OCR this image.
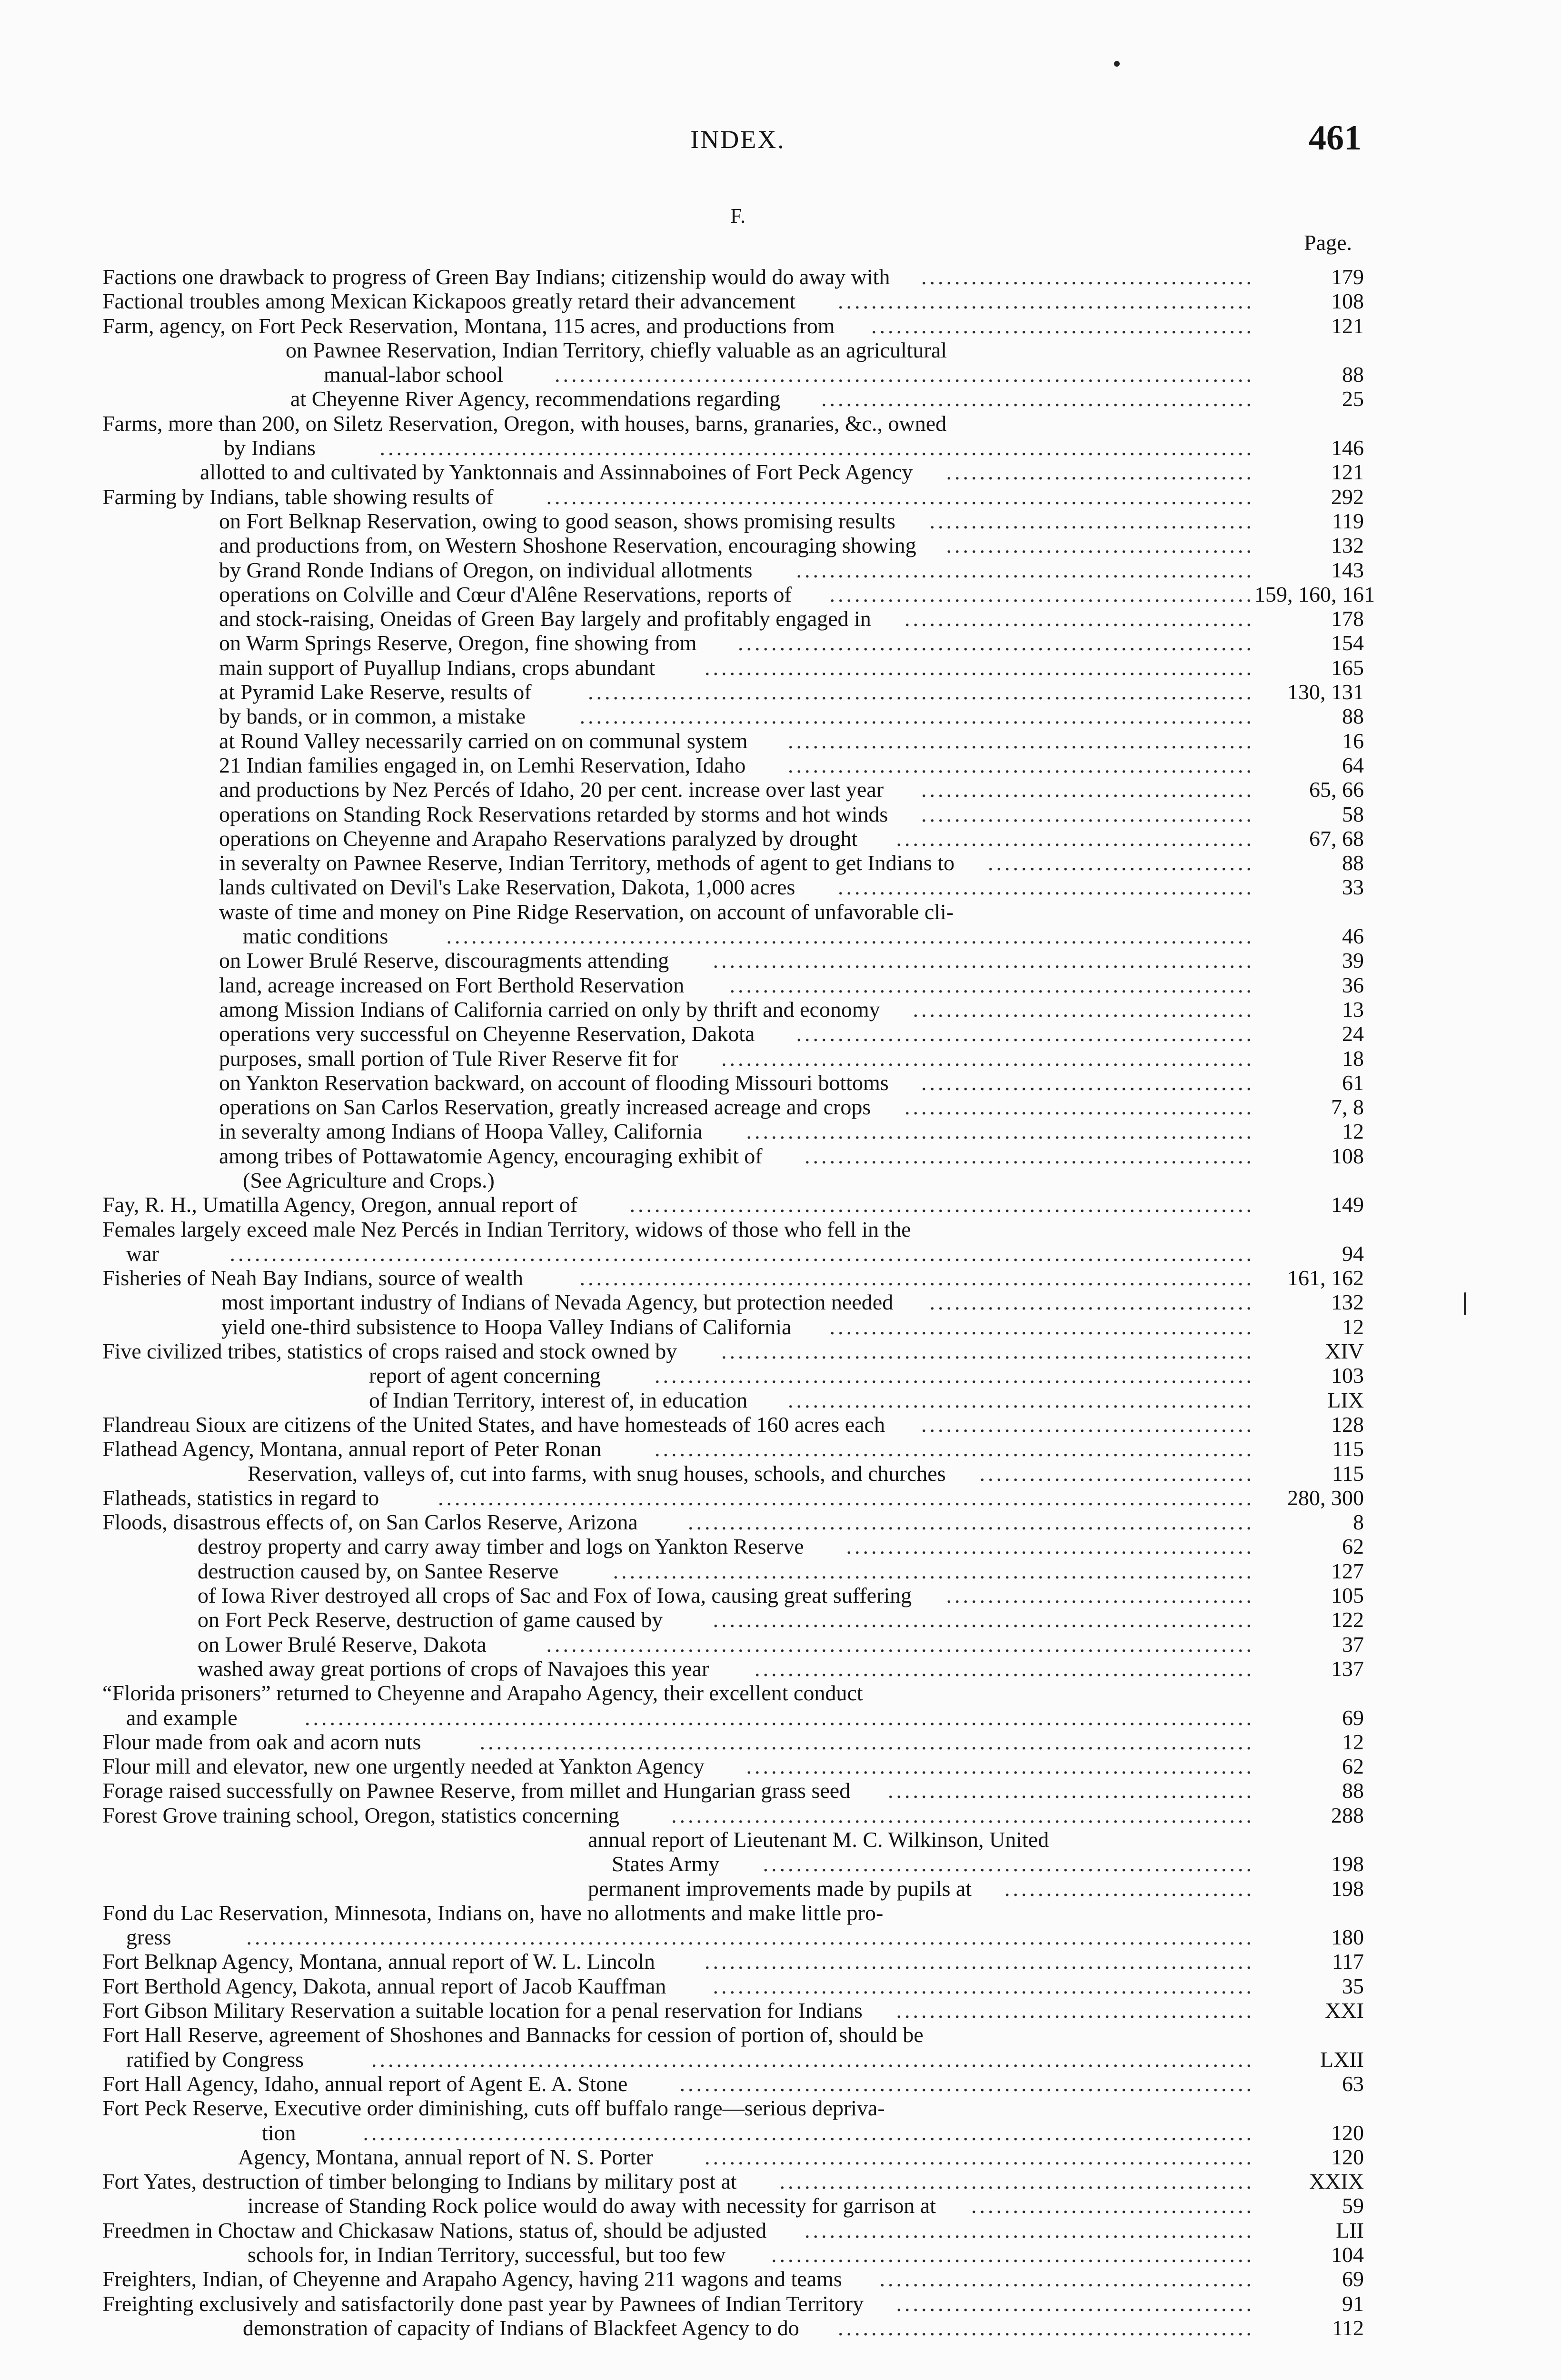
INDEX.	461
F.
Page.
Factions one drawback to progress of Green Bay Indians; citizenship would do away with ........................................	179
Factional troubles among Mexican Kickapoos greatly retard their advancement ..................................................	108
Farm, agency, on Fort Peck Reservation, Montana, 115 acres, and productions from ..............................................	121
on Pawnee Reservation, Indian Territory, chiefly valuable as an agricultural
manual-labor school ....................................................................................	88
at Cheyenne River Agency, recommendations regarding ....................................................	25
Farms, more than 200, on Siletz Reservation, Oregon, with houses, barns, granaries, &c., owned
by Indians	.........................................................................................................	146
allotted to and cultivated by Yanktonnais and Assinnaboines of Fort Peck Agency .....................................	121
Farming by Indians, table showing results of .....................................................................................	292
on Fort Belknap Reservation, owing to good season, shows promising results .......................................	119
and productions from, on Western Shoshone Reservation, encouraging showing .....................................	132
by Grand Ronde Indians of Oregon, on individual allotments .......................................................	143
operations on Colville and Cœur d'Alêne Reservations, reports of ................................................... 159, 160, 161
and stock-raising, Oneidas of Green Bay largely and profitably engaged in ..........................................	178
on Warm Springs Reserve, Oregon, fine showing from ..............................................................	154
main support of Puyallup Indians, crops abundant ..................................................................	165
at Pyramid Lake Reserve, results of	................................................................................	130, 131
by bands, or in common, a mistake .................................................................................	88
at Round Valley necessarily carried on on communal system ........................................................	16
21 Indian families engaged in, on Lemhi Reservation, Idaho ........................................................	64
and productions by Nez Percés of Idaho, 20 per cent. increase over last year ........................................	65, 66
operations on Standing Rock Reservations retarded by storms and hot winds ........................................	58
operations on Cheyenne and Arapaho Reservations paralyzed by drought ...........................................	67, 68
in severalty on Pawnee Reserve, Indian Territory, methods of agent to get Indians to ................................	88
lands cultivated on Devil's Lake Reservation, Dakota, 1,000 acres ..................................................	33
waste of time and money on Pine Ridge Reservation, on account of unfavorable cli-
matic conditions	.................................................................................................	46
on Lower Brulé Reserve, discouragments attending .................................................................	39
land, acreage increased on Fort Berthold Reservation ...............................................................	36
among Mission Indians of California carried on only by thrift and economy .........................................	13
operations very successful on Cheyenne Reservation, Dakota .......................................................	24
purposes, small portion of Tule River Reserve fit for ................................................................	18
on Yankton Reservation backward, on account of flooding Missouri bottoms ........................................	61
operations on San Carlos Reservation, greatly increased acreage and crops ..........................................	7, 8
in severalty among Indians of Hoopa Valley, California .............................................................	12
among tribes of Pottawatomie Agency, encouraging exhibit of ......................................................	108
(See Agriculture and Crops.)
Fay, R. H., Umatilla Agency, Oregon, annual report of ...........................................................................	149
Females largely exceed male Nez Percés in Indian Territory, widows of those who fell in the
war	...........................................................................................................................	94
Fisheries of Neah Bay Indians, source of wealth	.................................................................................	161, 162
most important industry of Indians of Nevada Agency, but protection needed .......................................	132
yield one-third subsistence to Hoopa Valley Indians of California ...................................................	12
Five civilized tribes, statistics of crops raised and stock owned by ................................................................	XIV
report of agent concerning ........................................................................	103
of Indian Territory, interest of, in education ........................................................	LIX
Flandreau Sioux are citizens of the United States, and have homesteads of 160 acres each ........................................	128
Flathead Agency, Montana, annual report of Peter Ronan ........................................................................	115
Reservation, valleys of, cut into farms, with snug houses, schools, and churches .................................	115
Flatheads, statistics in regard to	..................................................................................................	280, 300
Floods, disastrous effects of, on San Carlos Reserve, Arizona ....................................................................	8
destroy property and carry away timber and logs on Yankton Reserve .................................................	62
destruction caused by, on Santee Reserve .............................................................................	127
of Iowa River destroyed all crops of Sac and Fox of Iowa, causing great suffering .....................................	105
on Fort Peck Reserve, destruction of game caused by .................................................................	122
on Lower Brulé Reserve, Dakota	.....................................................................................	37
washed away great portions of crops of Navajoes this year ............................................................	137
“Florida prisoners” returned to Cheyenne and Arapaho Agency, their excellent conduct
and example	..................................................................................................................	69
Flour made from oak and acorn nuts	.............................................................................................	12
Flour mill and elevator, new one urgently needed at Yankton Agency .............................................................	62
Forage raised successfully on Pawnee Reserve, from millet and Hungarian grass seed ............................................	88
Forest Grove training school, Oregon, statistics concerning ......................................................................	288
annual report of Lieutenant M. C. Wilkinson, United
States Army ...........................................................	198
permanent improvements made by pupils at ..............................	198
Fond du Lac Reservation, Minnesota, Indians on, have no allotments and make little pro-
gress	.........................................................................................................................	180
Fort Belknap Agency, Montana, annual report of W. L. Lincoln ..................................................................	117
Fort Berthold Agency, Dakota, annual report of Jacob Kauffman .................................................................	35
Fort Gibson Military Reservation a suitable location for a penal reservation for Indians ...........................................	XXI
Fort Hall Reserve, agreement of Shoshones and Bannacks for cession of portion of, should be
ratified by Congress	..........................................................................................................	LXII
Fort Hall Agency, Idaho, annual report of Agent E. A. Stone .....................................................................	63
Fort Peck Reserve, Executive order diminishing, cuts off buffalo range—serious depriva-
tion	...........................................................................................................	120
Agency, Montana, annual report of N. S. Porter ..................................................................	120
Fort Yates, destruction of timber belonging to Indians by military post at .........................................................	XXIX
increase of Standing Rock police would do away with necessity for garrison at ..................................	59
Freedmen in Choctaw and Chickasaw Nations, status of, should be adjusted ......................................................	LII
schools for, in Indian Territory, successful, but too few ..........................................................	104
Freighters, Indian, of Cheyenne and Arapaho Agency, having 211 wagons and teams .............................................	69
Freighting exclusively and satisfactorily done past year by Pawnees of Indian Territory ...........................................	91
demonstration of capacity of Indians of Blackfeet Agency to do ..................................................	112
